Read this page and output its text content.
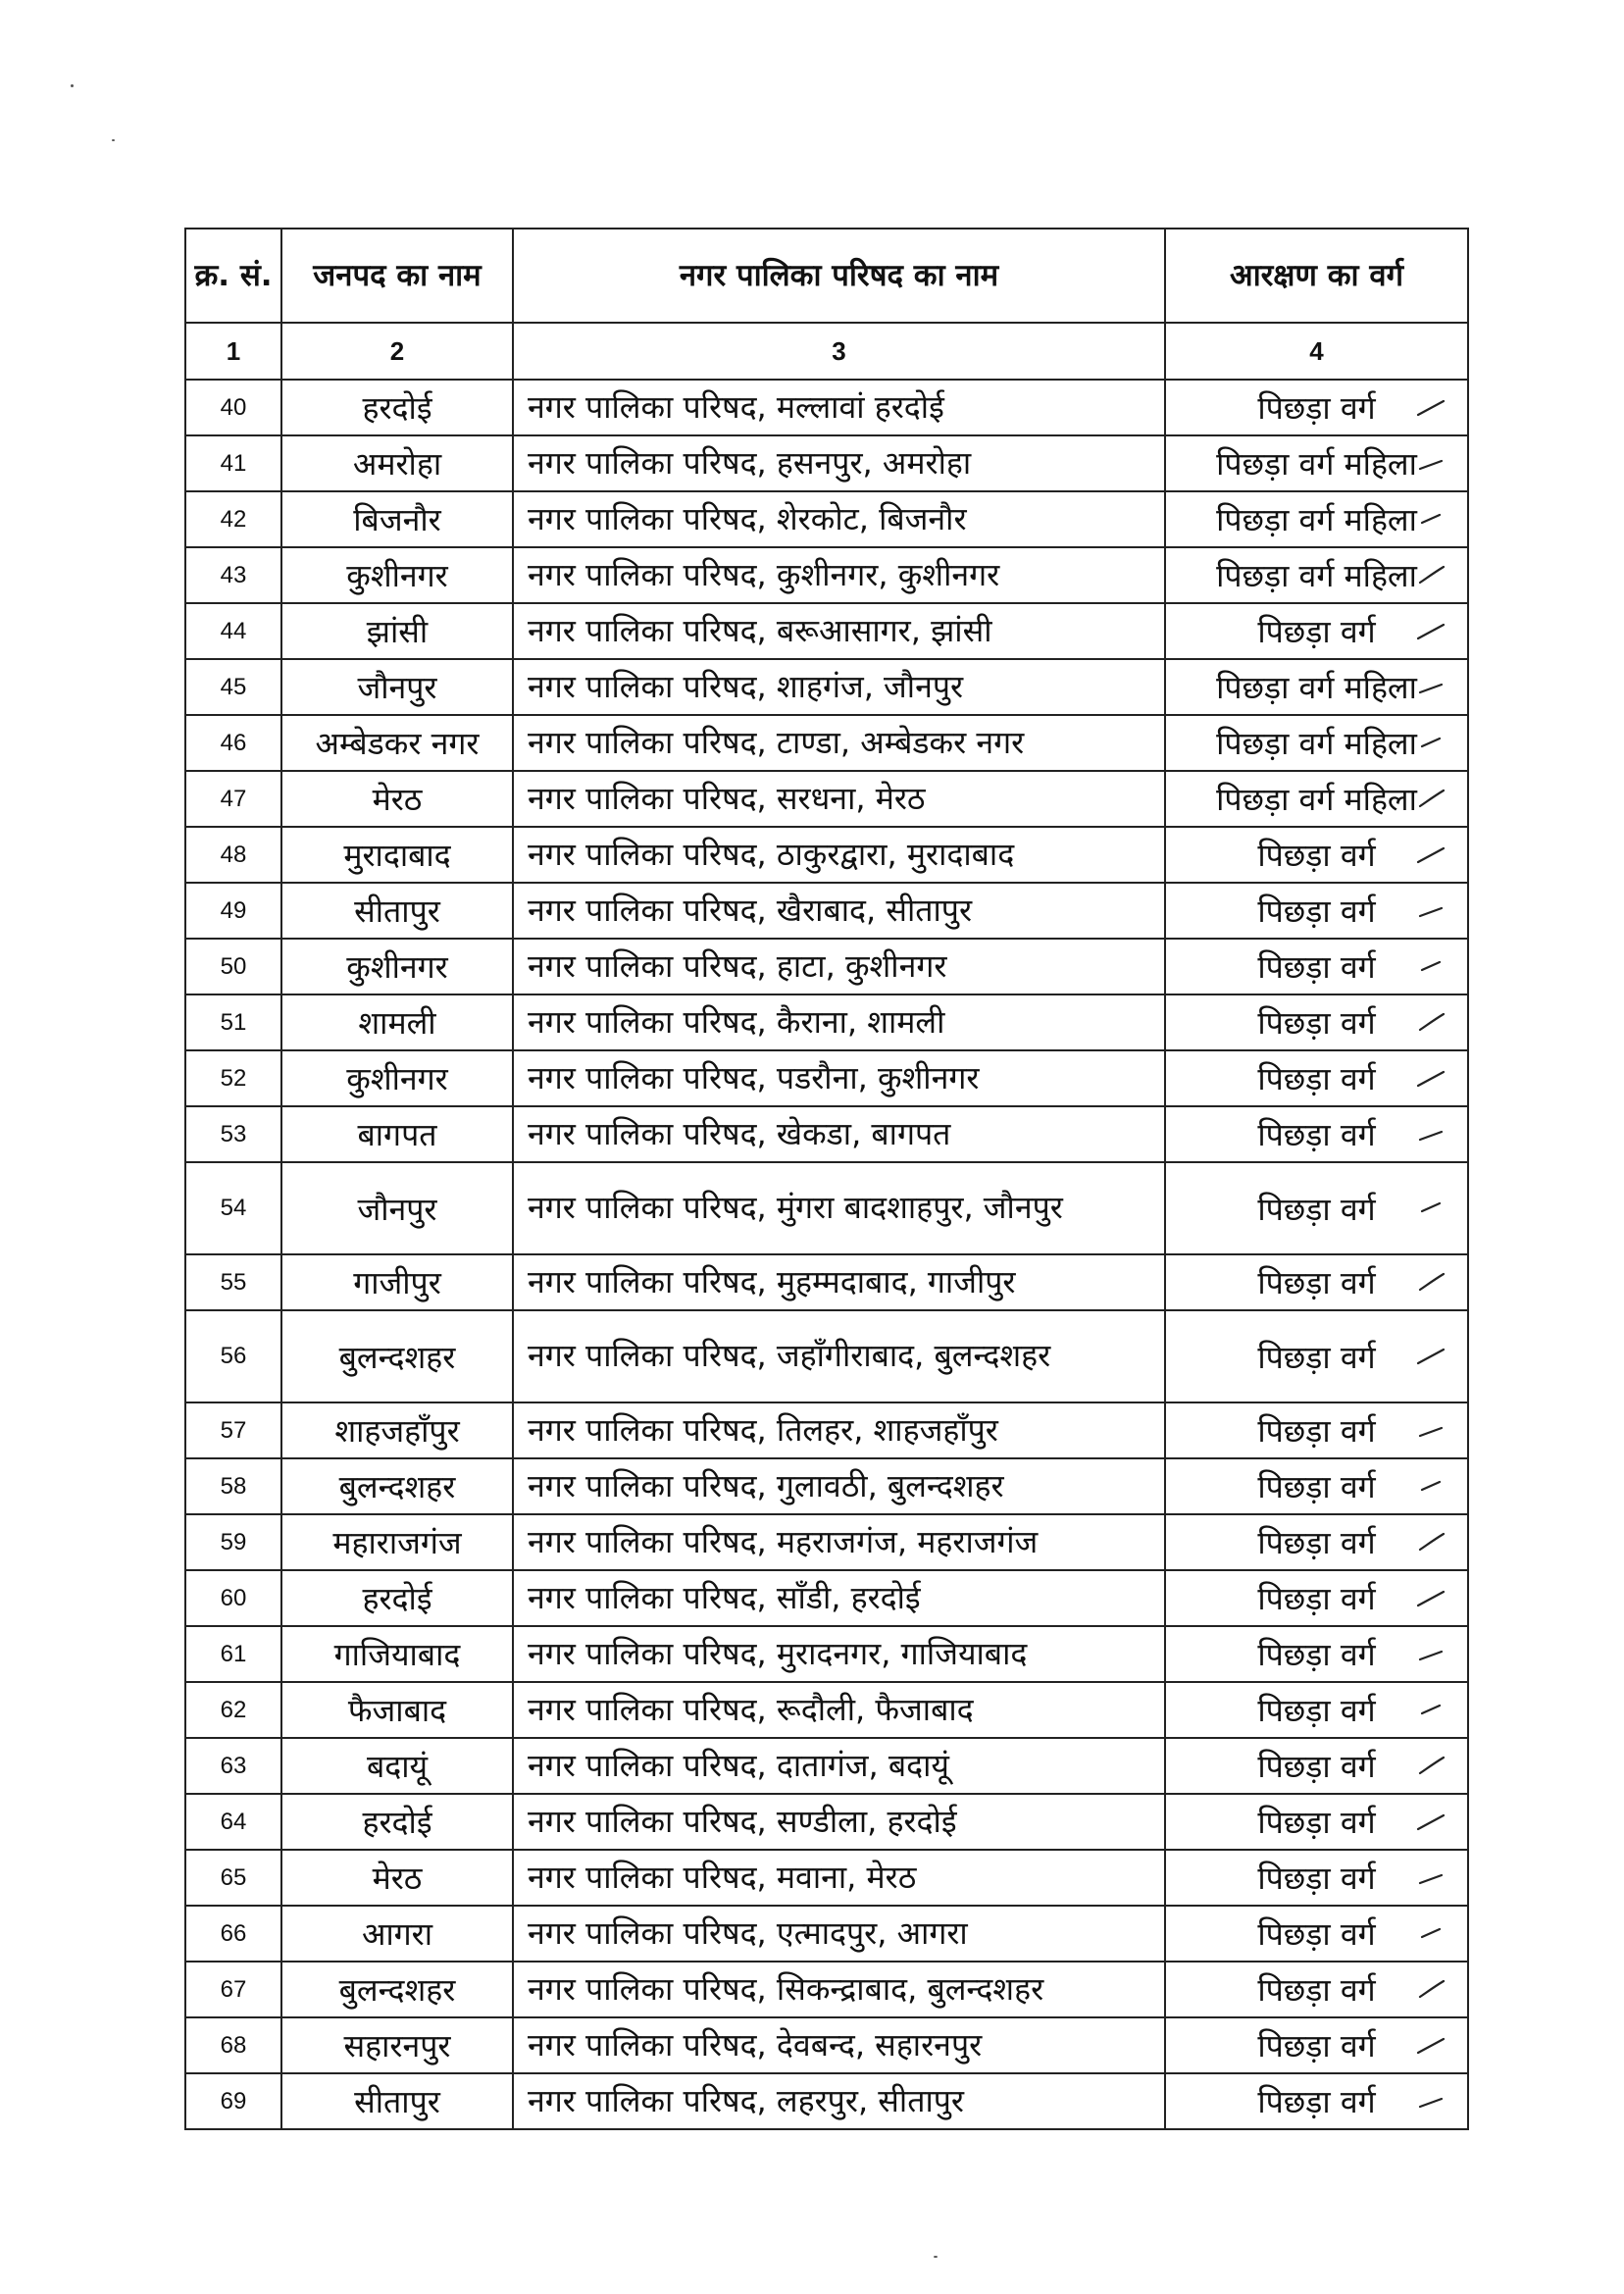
क्र. सं.	जनपद का नाम	नगर पालिका परिषद का नाम	आरक्षण का वर्ग
1	2	3	4
40	हरदोई	नगर पालिका परिषद, मल्लावां हरदोई	पिछड़ा वर्ग

41	अमरोहा	नगर पालिका परिषद, हसनपुर, अमरोहा	पिछड़ा वर्ग महिला

42	बिजनौर	नगर पालिका परिषद, शेरकोट, बिजनौर	पिछड़ा वर्ग महिला

43	कुशीनगर	नगर पालिका परिषद, कुशीनगर, कुशीनगर	पिछड़ा वर्ग महिला

44	झांसी	नगर पालिका परिषद, बरूआसागर, झांसी	पिछड़ा वर्ग

45	जौनपुर	नगर पालिका परिषद, शाहगंज, जौनपुर	पिछड़ा वर्ग महिला

46	अम्बेडकर नगर	नगर पालिका परिषद, टाण्डा, अम्बेडकर नगर	पिछड़ा वर्ग महिला

47	मेरठ	नगर पालिका परिषद, सरधना, मेरठ	पिछड़ा वर्ग महिला

48	मुरादाबाद	नगर पालिका परिषद, ठाकुरद्वारा, मुरादाबाद	पिछड़ा वर्ग

49	सीतापुर	नगर पालिका परिषद, खैराबाद, सीतापुर	पिछड़ा वर्ग

50	कुशीनगर	नगर पालिका परिषद, हाटा, कुशीनगर	पिछड़ा वर्ग

51	शामली	नगर पालिका परिषद, कैराना, शामली	पिछड़ा वर्ग

52	कुशीनगर	नगर पालिका परिषद, पडरौना, कुशीनगर	पिछड़ा वर्ग

53	बागपत	नगर पालिका परिषद, खेकडा, बागपत	पिछड़ा वर्ग

54	जौनपुर	नगर पालिका परिषद, मुंगरा बादशाहपुर, जौनपुर	पिछड़ा वर्ग

55	गाजीपुर	नगर पालिका परिषद, मुहम्मदाबाद, गाजीपुर	पिछड़ा वर्ग

56	बुलन्दशहर	नगर पालिका परिषद, जहाँगीराबाद, बुलन्दशहर	पिछड़ा वर्ग

57	शाहजहाँपुर	नगर पालिका परिषद, तिलहर, शाहजहाँपुर	पिछड़ा वर्ग

58	बुलन्दशहर	नगर पालिका परिषद, गुलावठी, बुलन्दशहर	पिछड़ा वर्ग

59	महाराजगंज	नगर पालिका परिषद, महराजगंज, महराजगंज	पिछड़ा वर्ग

60	हरदोई	नगर पालिका परिषद, साँडी, हरदोई	पिछड़ा वर्ग

61	गाजियाबाद	नगर पालिका परिषद, मुरादनगर, गाजियाबाद	पिछड़ा वर्ग

62	फैजाबाद	नगर पालिका परिषद, रूदौली, फैजाबाद	पिछड़ा वर्ग

63	बदायूं	नगर पालिका परिषद, दातागंज, बदायूं	पिछड़ा वर्ग

64	हरदोई	नगर पालिका परिषद, सण्डीला, हरदोई	पिछड़ा वर्ग

65	मेरठ	नगर पालिका परिषद, मवाना, मेरठ	पिछड़ा वर्ग

66	आगरा	नगर पालिका परिषद, एत्मादपुर, आगरा	पिछड़ा वर्ग

67	बुलन्दशहर	नगर पालिका परिषद, सिकन्द्राबाद, बुलन्दशहर	पिछड़ा वर्ग

68	सहारनपुर	नगर पालिका परिषद, देवबन्द, सहारनपुर	पिछड़ा वर्ग

69	सीतापुर	नगर पालिका परिषद, लहरपुर, सीतापुर	पिछड़ा वर्ग
